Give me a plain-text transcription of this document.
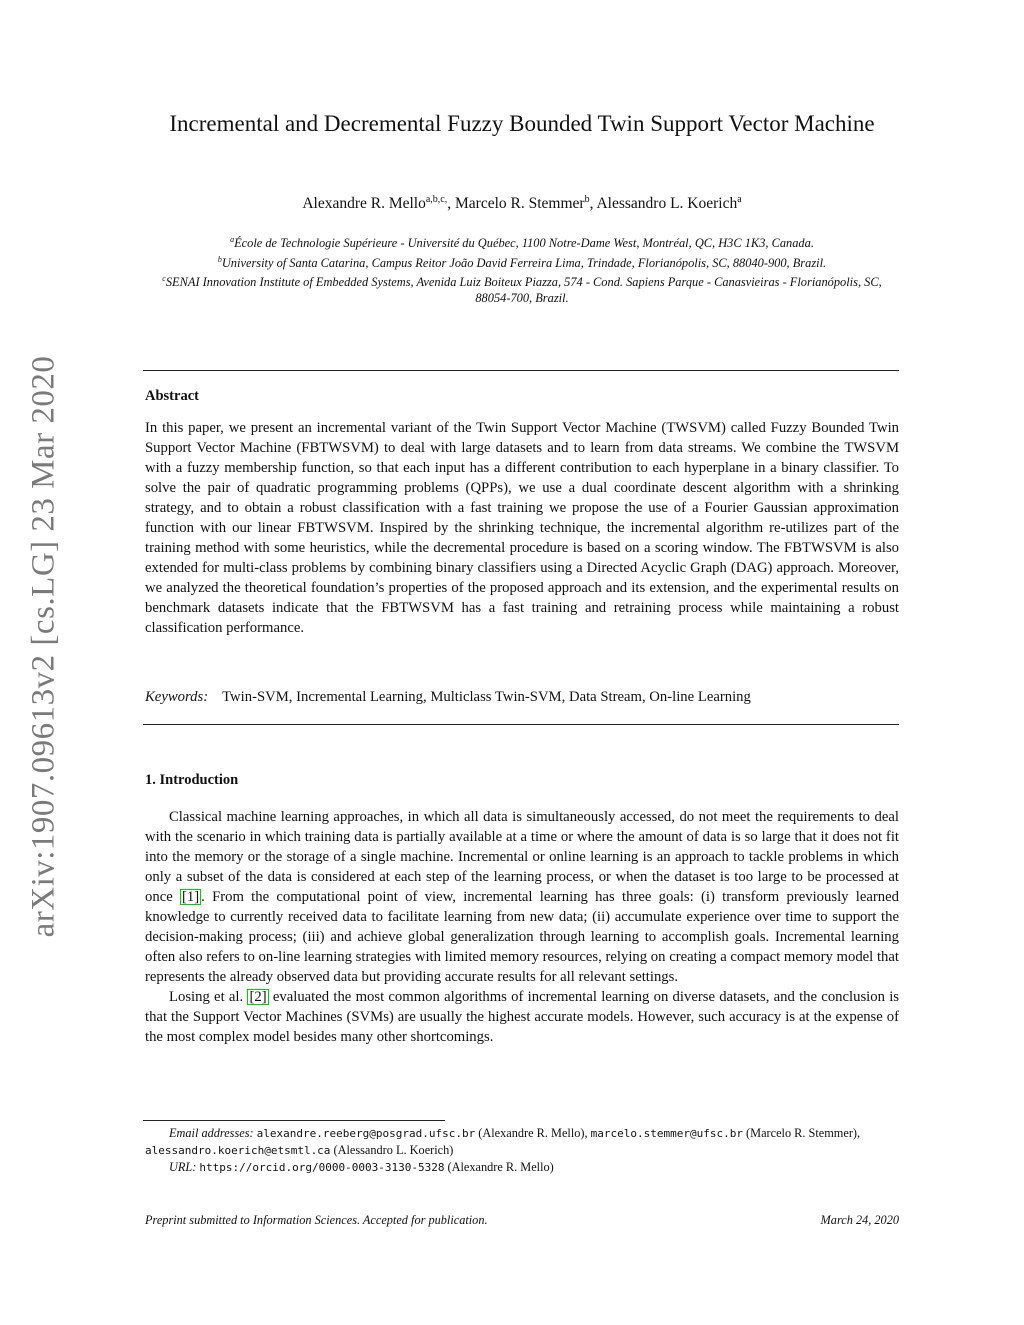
arXiv:1907.09613v2 [cs.LG] 23 Mar 2020
Incremental and Decremental Fuzzy Bounded Twin Support Vector Machine
Alexandre R. Mello$^{a,b,c,}$, Marcelo R. Stemmer$^b$, Alessandro L. Koerich$^a$
$^a$École de Technologie Supérieure - Université du Québec, 1100 Notre-Dame West, Montréal, QC, H3C 1K3, Canada.
$^b$University of Santa Catarina, Campus Reitor João David Ferreira Lima, Trindade, Florianópolis, SC, 88040-900, Brazil.
$^c$SENAI Innovation Institute of Embedded Systems, Avenida Luiz Boiteux Piazza, 574 - Cond. Sapiens Parque - Canasvieiras - Florianópolis, SC, 88054-700, Brazil.
Abstract
In this paper, we present an incremental variant of the Twin Support Vector Machine (TWSVM) called Fuzzy Bounded Twin Support Vector Machine (FBTWSVM) to deal with large datasets and to learn from data streams. We combine the TWSVM with a fuzzy membership function, so that each input has a different contribution to each hyperplane in a binary classifier. To solve the pair of quadratic programming problems (QPPs), we use a dual coordinate descent algorithm with a shrinking strategy, and to obtain a robust classification with a fast training we propose the use of a Fourier Gaussian approximation function with our linear FBTWSVM. Inspired by the shrinking technique, the incremental algorithm re-utilizes part of the training method with some heuristics, while the decremental procedure is based on a scoring window. The FBTWSVM is also extended for multi-class problems by combining binary classifiers using a Directed Acyclic Graph (DAG) approach. Moreover, we analyzed the theoretical foundation’s properties of the proposed approach and its extension, and the experimental results on benchmark datasets indicate that the FBTWSVM has a fast training and retraining process while maintaining a robust classification performance.
Keywords: Twin-SVM, Incremental Learning, Multiclass Twin-SVM, Data Stream, On-line Learning
1. Introduction

Classical machine learning approaches, in which all data is simultaneously accessed, do not meet the requirements to deal with the scenario in which training data is partially available at a time or where the amount of data is so large that it does not fit into the memory or the storage of a single machine. Incremental or online learning is an approach to tackle problems in which only a subset of the data is considered at each step of the learning process, or when the dataset is too large to be processed at once [1] . From the computational point of view, incremental learning has three goals: (i) transform previously learned knowledge to currently received data to facilitate learning from new data; (ii) accumulate experience over time to support the decision-making process; (iii) and achieve global generalization through learning to accomplish goals. Incremental learning often also refers to on-line learning strategies with limited memory resources, relying on creating a compact memory model that represents the already observed data but providing accurate results for all relevant settings.

Losing et al. [2] evaluated the most common algorithms of incremental learning on diverse datasets, and the conclusion is that the Support Vector Machines (SVMs) are usually the highest accurate models. However, such accuracy is at the expense of the most complex model besides many other shortcomings.

Email addresses: alexandre.reeberg@posgrad.ufsc.br (Alexandre R. Mello), marcelo.stemmer@ufsc.br (Marcelo R. Stemmer), alessandro.koerich@etsmtl.ca (Alessandro L. Koerich)

URL: https://orcid.org/0000-0003-3130-5328 (Alexandre R. Mello)

Preprint submitted to Information Sciences. Accepted for publication.	March 24, 2020
